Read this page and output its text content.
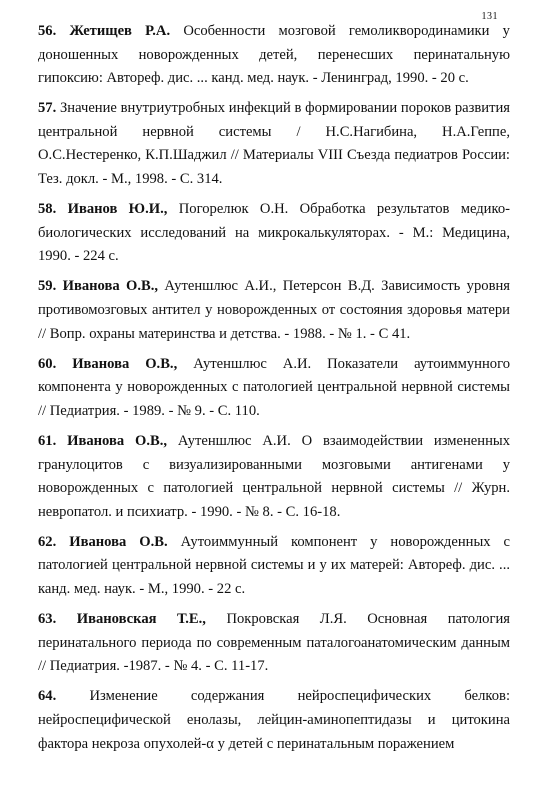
131
56. Жетищев Р.А. Особенности мозговой гемоликвородинамики у доношенных новорожденных детей, перенесших перинатальную гипоксию: Автореф. дис. ... канд. мед. наук. - Ленинград, 1990. - 20 с.
57. Значение внутриутробных инфекций в формировании пороков развития центральной нервной системы / Н.С.Нагибина, Н.А.Геппе, О.С.Нестеренко, К.П.Шаджил // Материалы VIII Съезда педиатров России: Тез. докл. - М., 1998. - С. 314.
58. Иванов Ю.И., Погорелюк О.Н. Обработка результатов медико-биологических исследований на микрокалькуляторах. - М.: Медицина, 1990. - 224 с.
59. Иванова О.В., Аутеншлюс А.И., Петерсон В.Д. Зависимость уровня противомозговых антител у новорожденных от состояния здоровья матери // Вопр. охраны материнства и детства. - 1988. - № 1. - С 41.
60. Иванова О.В., Аутеншлюс А.И. Показатели аутоиммунного компонента у новорожденных с патологией центральной нервной системы // Педиатрия. - 1989. - № 9. - С. 110.
61. Иванова О.В., Аутеншлюс А.И. О взаимодействии измененных гранулоцитов с визуализированными мозговыми антигенами у новорожденных с патологией центральной нервной системы // Журн. невропатол. и психиатр. - 1990. - № 8. - С. 16-18.
62. Иванова О.В. Аутоиммунный компонент у новорожденных с патологией центральной нервной системы и у их матерей: Автореф. дис. ... канд. мед. наук. - М., 1990. - 22 с.
63. Ивановская Т.Е., Покровская Л.Я. Основная патология перинатального периода по современным паталогоанатомическим данным // Педиатрия. -1987. - № 4. - С. 11-17.
64. Изменение содержания нейроспецифических белков: нейроспецифической енолазы, лейцин-аминопептидазы и цитокина фактора некроза опухолей-α у детей с перинатальным поражением
